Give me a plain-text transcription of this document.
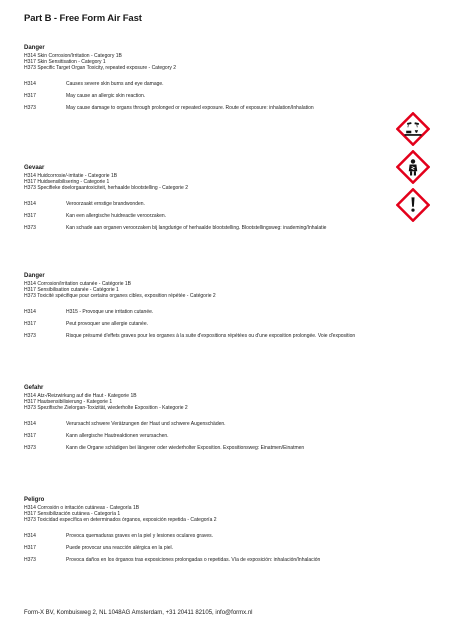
Part B - Free Form Air Fast
Danger
H314 Skin Corrosion/Irritation - Category 1B
H317 Skin Sensitisation - Category 1
H373 Specific Target Organ Toxicity, repeated exposure - Category 2
H314	Causes severe skin burns and eye damage.
H317	May cause an allergic skin reaction.
H373	May cause damage to organs through prolonged or repeated exposure. Route of exposure: inhalation/Inhalation
Gevaar
H314 Huidcorrosie/-irritatie - Categorie 1B
H317 Huidsensibilisering - Categorie 1
H373 Specifieke doelorgaantoxiciteit, herhaalde blootstelling - Categorie 2
H314	Veroorzaakt ernstige brandwonden.
H317	Kan een allergische huidreactie veroorzaken.
H373	Kan schade aan organen veroorzaken bij langdurige of herhaalde blootstelling. Blootstellingsweg: inademing/Inhalatie
Danger
H314 Corrosion/irritation cutanée - Catégorie 1B
H317 Sensibilisation cutanée - Catégorie 1
H373 Toxicité spécifique pour certains organes cibles, exposition répétée - Catégorie 2
H314	H315 - Provoque une irritation cutanée.
H317	Peut provoquer une allergie cutanée.
H373	Risque présumé d'effets graves pour les organes à la suite d'expositions répétées ou d'une exposition prolongée. Voie d'exposition
Gefahr
H314 Ätz-/Reizwirkung auf die Haut - Kategorie 1B
H317 Hautsensibilisierung - Kategorie 1
H373 Spezifische Zielorgan-Toxizität, wiederholte Exposition - Kategorie 2
H314	Verursacht schwere Verätzungen der Haut und schwere Augenschäden.
H317	Kann allergische Hautreaktionen verursachen.
H373	Kann die Organe schädigen bei längerer oder wiederholter Exposition. Expositionsweg: Einatmen/Einatmen
Peligro
H314 Corrosión o irritación cutáneas - Categoría 1B
H317 Sensibilización cutánea - Categoría 1
H373 Toxicidad específica en determinados órganos, exposición repetida - Categoría 2
H314	Provoca quemaduras graves en la piel y lesiones oculares graves.
H317	Puede provocar una reacción alérgica en la piel.
H373	Provoca daños en los órganos tras exposiciones prolongadas o repetidas. Vía de exposición: inhalación/Inhalación
Form-X BV, Kombuisweg 2, NL 1048AG Amsterdam, +31 20411 82105, info@formx.nl
